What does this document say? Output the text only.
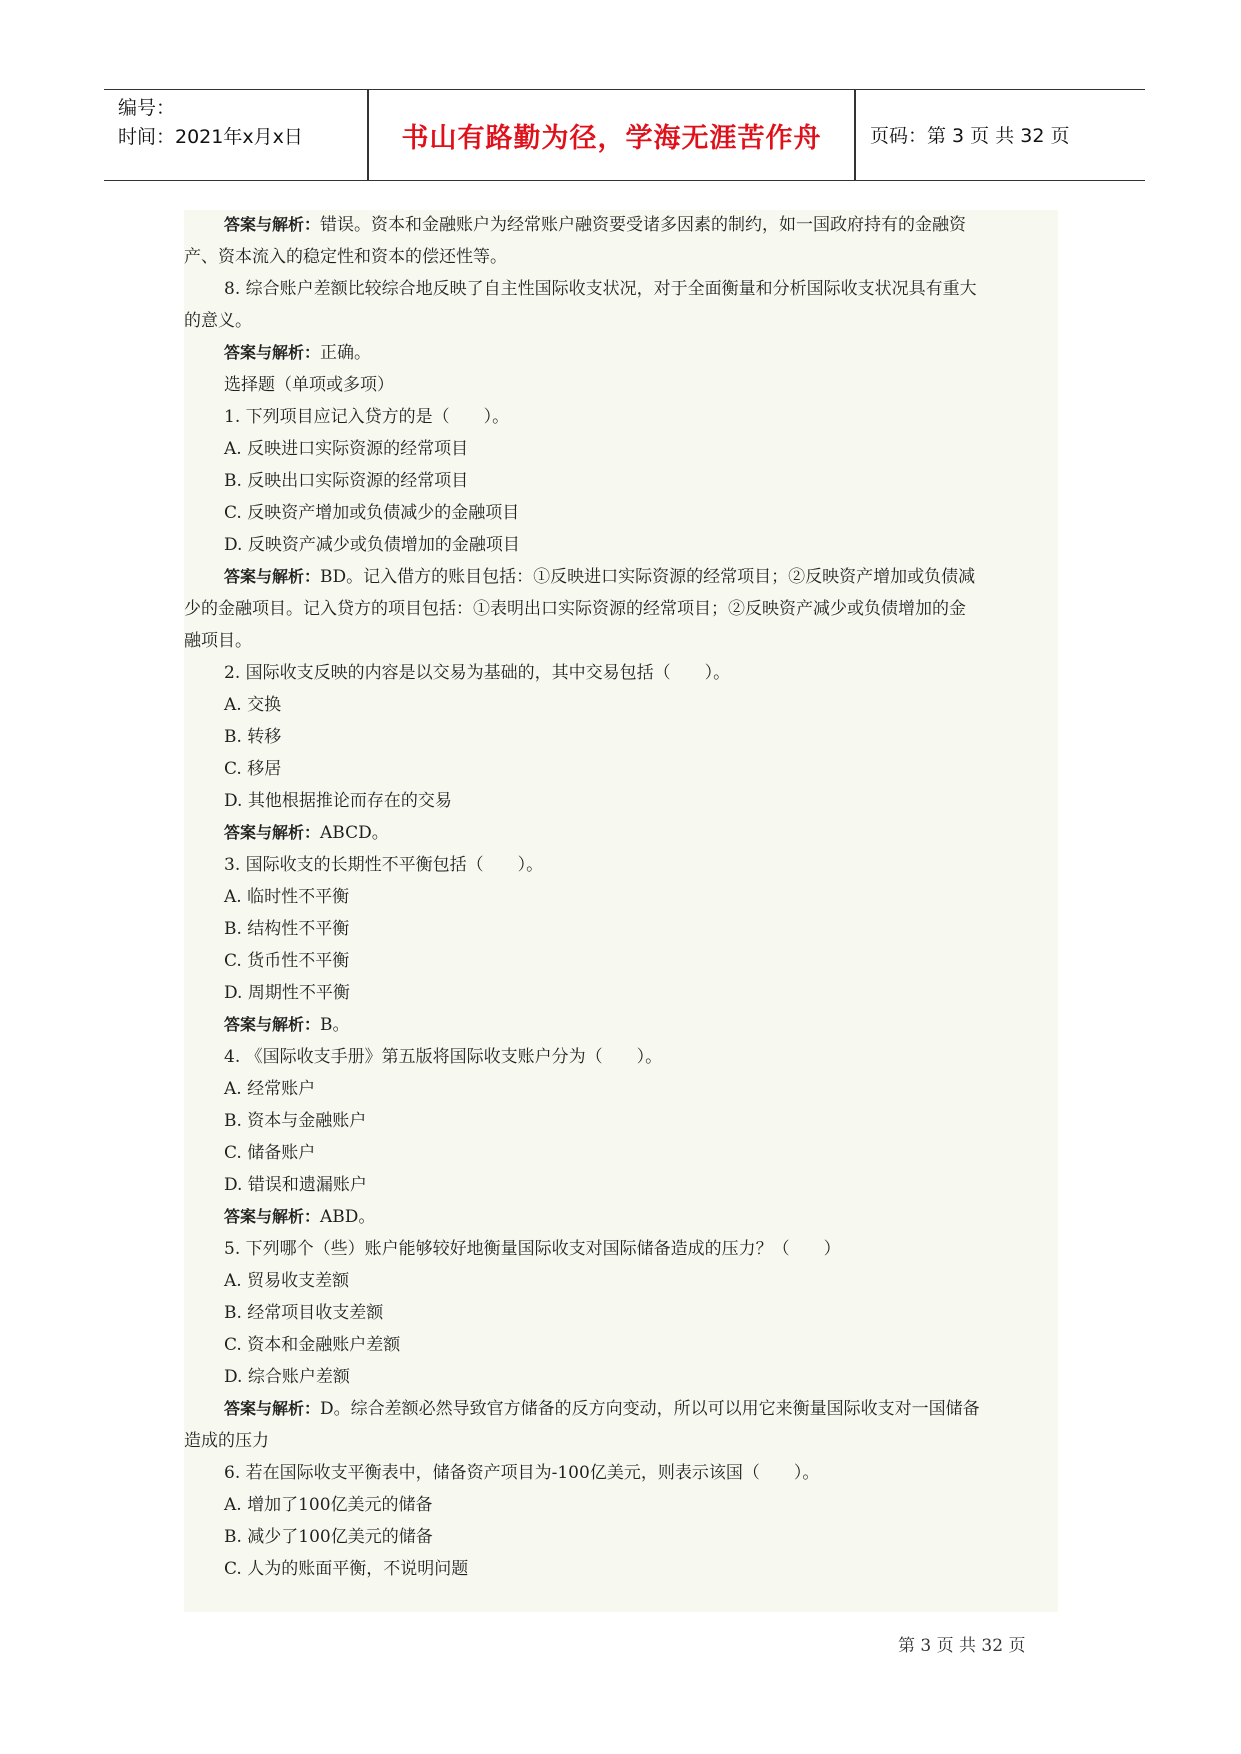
编号：
时间：2021年x月x日	书山有路勤为径，学海无涯苦作舟	页码：第 3 页 共 32 页
答案与解析：错误。资本和金融账户为经常账户融资要受诸多因素的制约，如一国政府持有的金融资
产、资本流入的稳定性和资本的偿还性等。
8. 综合账户差额比较综合地反映了自主性国际收支状况，对于全面衡量和分析国际收支状况具有重大
的意义。
答案与解析：正确。
选择题（单项或多项）
1. 下列项目应记入贷方的是（　　）。
A. 反映进口实际资源的经常项目
B. 反映出口实际资源的经常项目
C. 反映资产增加或负债减少的金融项目
D. 反映资产减少或负债增加的金融项目
答案与解析：BD。记入借方的账目包括：①反映进口实际资源的经常项目；②反映资产增加或负债减
少的金融项目。记入贷方的项目包括：①表明出口实际资源的经常项目；②反映资产减少或负债增加的金
融项目。
2. 国际收支反映的内容是以交易为基础的，其中交易包括（　　）。
A. 交换
B. 转移
C. 移居
D. 其他根据推论而存在的交易
答案与解析：ABCD。
3. 国际收支的长期性不平衡包括（　　）。
A. 临时性不平衡
B. 结构性不平衡
C. 货币性不平衡
D. 周期性不平衡
答案与解析：B。
4. 《国际收支手册》第五版将国际收支账户分为（　　）。
A. 经常账户
B. 资本与金融账户
C. 储备账户
D. 错误和遗漏账户
答案与解析：ABD。
5. 下列哪个（些）账户能够较好地衡量国际收支对国际储备造成的压力？（　　）
A. 贸易收支差额
B. 经常项目收支差额
C. 资本和金融账户差额
D. 综合账户差额
答案与解析：D。综合差额必然导致官方储备的反方向变动，所以可以用它来衡量国际收支对一国储备
造成的压力
6. 若在国际收支平衡表中，储备资产项目为-100亿美元，则表示该国（　　）。
A. 增加了100亿美元的储备
B. 减少了100亿美元的储备
C. 人为的账面平衡，不说明问题
第 3 页 共 32 页
